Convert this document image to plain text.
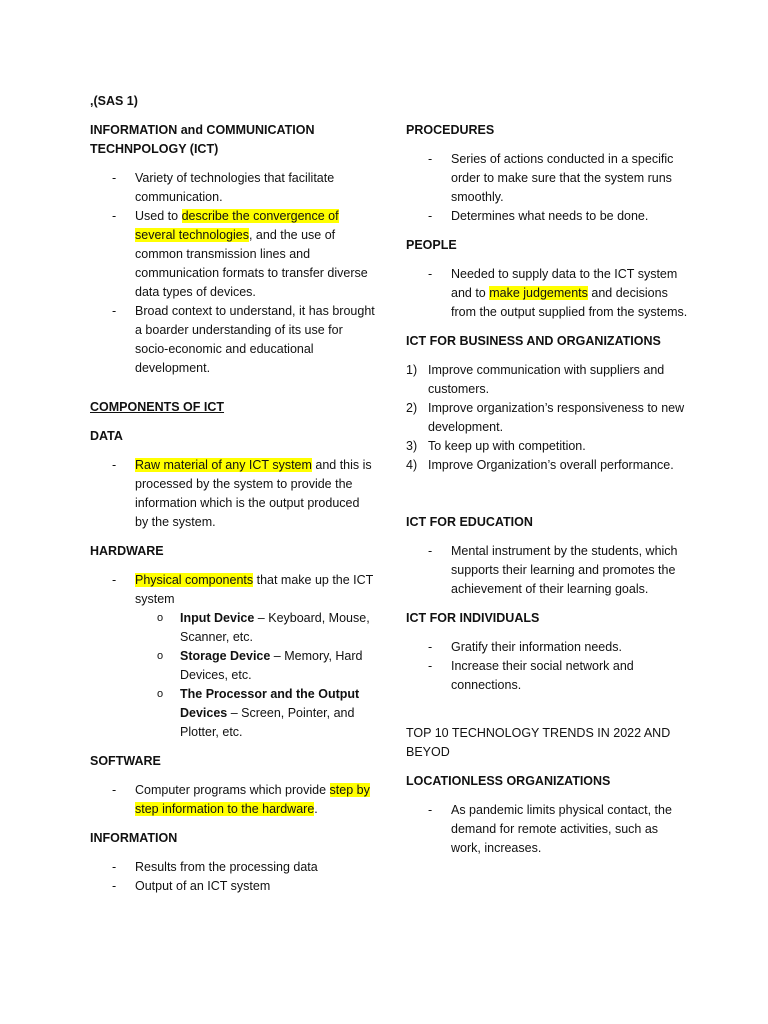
,(SAS 1)

INFORMATION and COMMUNICATION TECHNPOLOGY (ICT)

- Variety of technologies that facilitate communication.
- Used to describe the convergence of several technologies, and the use of common transmission lines and communication formats to transfer diverse data types of devices.
- Broad context to understand, it has brought a boarder understanding of its use for socio-economic and educational development.

COMPONENTS OF ICT

DATA

- Raw material of any ICT system and this is processed by the system to provide the information which is the output produced by the system.

HARDWARE

- Physical components that make up the ICT system
o Input Device – Keyboard, Mouse, Scanner, etc.
o Storage Device – Memory, Hard Devices, etc.
o The Processor and the Output Devices – Screen, Pointer, and Plotter, etc.

SOFTWARE

- Computer programs which provide step by step information to the hardware.

INFORMATION

- Results from the processing data
- Output of an ICT system

PROCEDURES

- Series of actions conducted in a specific order to make sure that the system runs smoothly.
- Determines what needs to be done.

PEOPLE

- Needed to supply data to the ICT system and to make judgements and decisions from the output supplied from the systems.

ICT FOR BUSINESS AND ORGANIZATIONS

1) Improve communication with suppliers and customers.
2) Improve organization’s responsiveness to new development.
3) To keep up with competition.
4) Improve Organization’s overall performance.

ICT FOR EDUCATION

- Mental instrument by the students, which supports their learning and promotes the achievement of their learning goals.

ICT FOR INDIVIDUALS

- Gratify their information needs.
- Increase their social network and connections.

TOP 10 TECHNOLOGY TRENDS IN 2022 AND BEYOD

LOCATIONLESS ORGANIZATIONS

- As pandemic limits physical contact, the demand for remote activities, such as work, increases.
